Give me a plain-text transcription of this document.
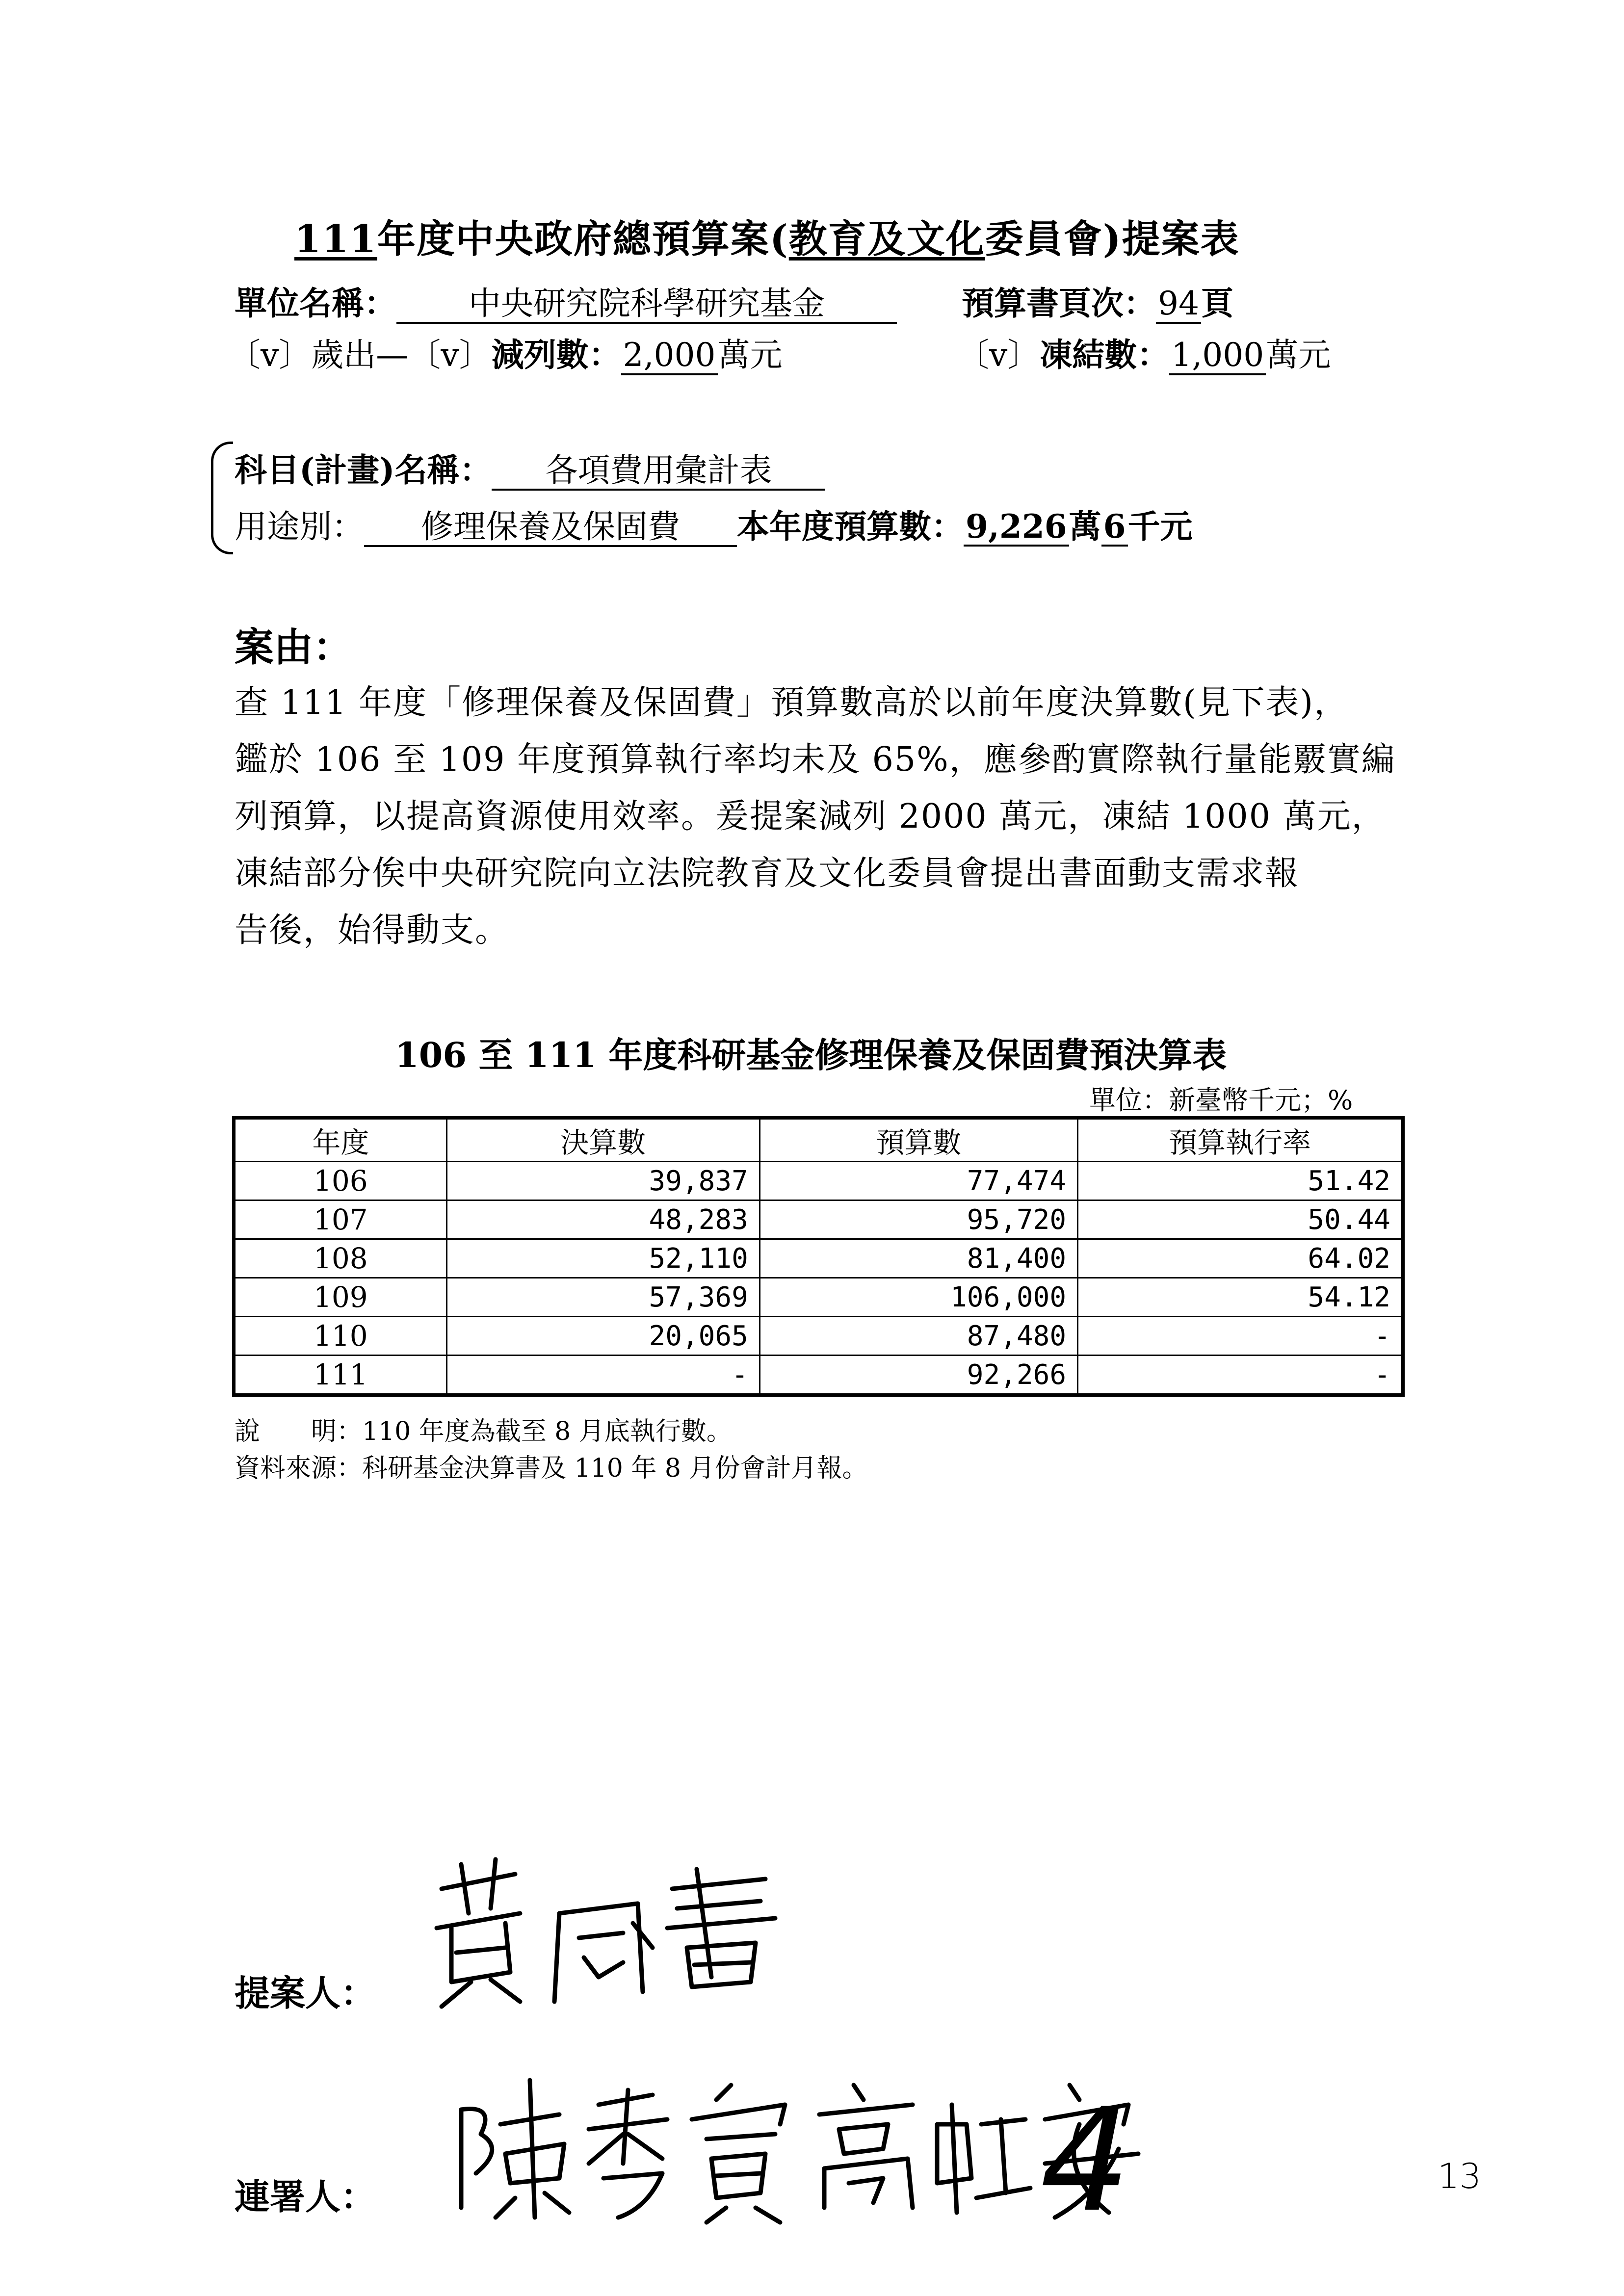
111年度中央政府總預算案(教育及文化委員會)提案表
單位名稱： 中央研究院科學研究基金	預算書頁次：94頁
〔v〕歲出—〔v〕減列數：2,000萬元	〔v〕凍結數：1,000萬元
科目(計畫)名稱： 各項費用彙計表
用途別： 修理保養及保固費 本年度預算數：9,226萬6千元
案由：

查 111 年度「修理保養及保固費」預算數高於以前年度決算數(見下表)，

鑑於 106 至 109 年度預算執行率均未及 65%，應參酌實際執行量能覈實編

列預算，以提高資源使用效率。爰提案減列 2000 萬元，凍結 1000 萬元，

凍結部分俟中央研究院向立法院教育及文化委員會提出書面動支需求報

告後，始得動支。

106 至 111 年度科研基金修理保養及保固費預決算表
單位：新臺幣千元；%
年度	決算數	預算數	預算執行率
106	39,837	77,474	51.42
107	48,283	95,720	50.44
108	52,110	81,400	64.02
109	57,369	106,000	54.12
110	20,065	87,480	-
111	-	92,266	-
說　　明：110 年度為截至 8 月底執行數。
資料來源：科研基金決算書及 110 年 8 月份會計月報。
提案人：
連署人：	4	13
